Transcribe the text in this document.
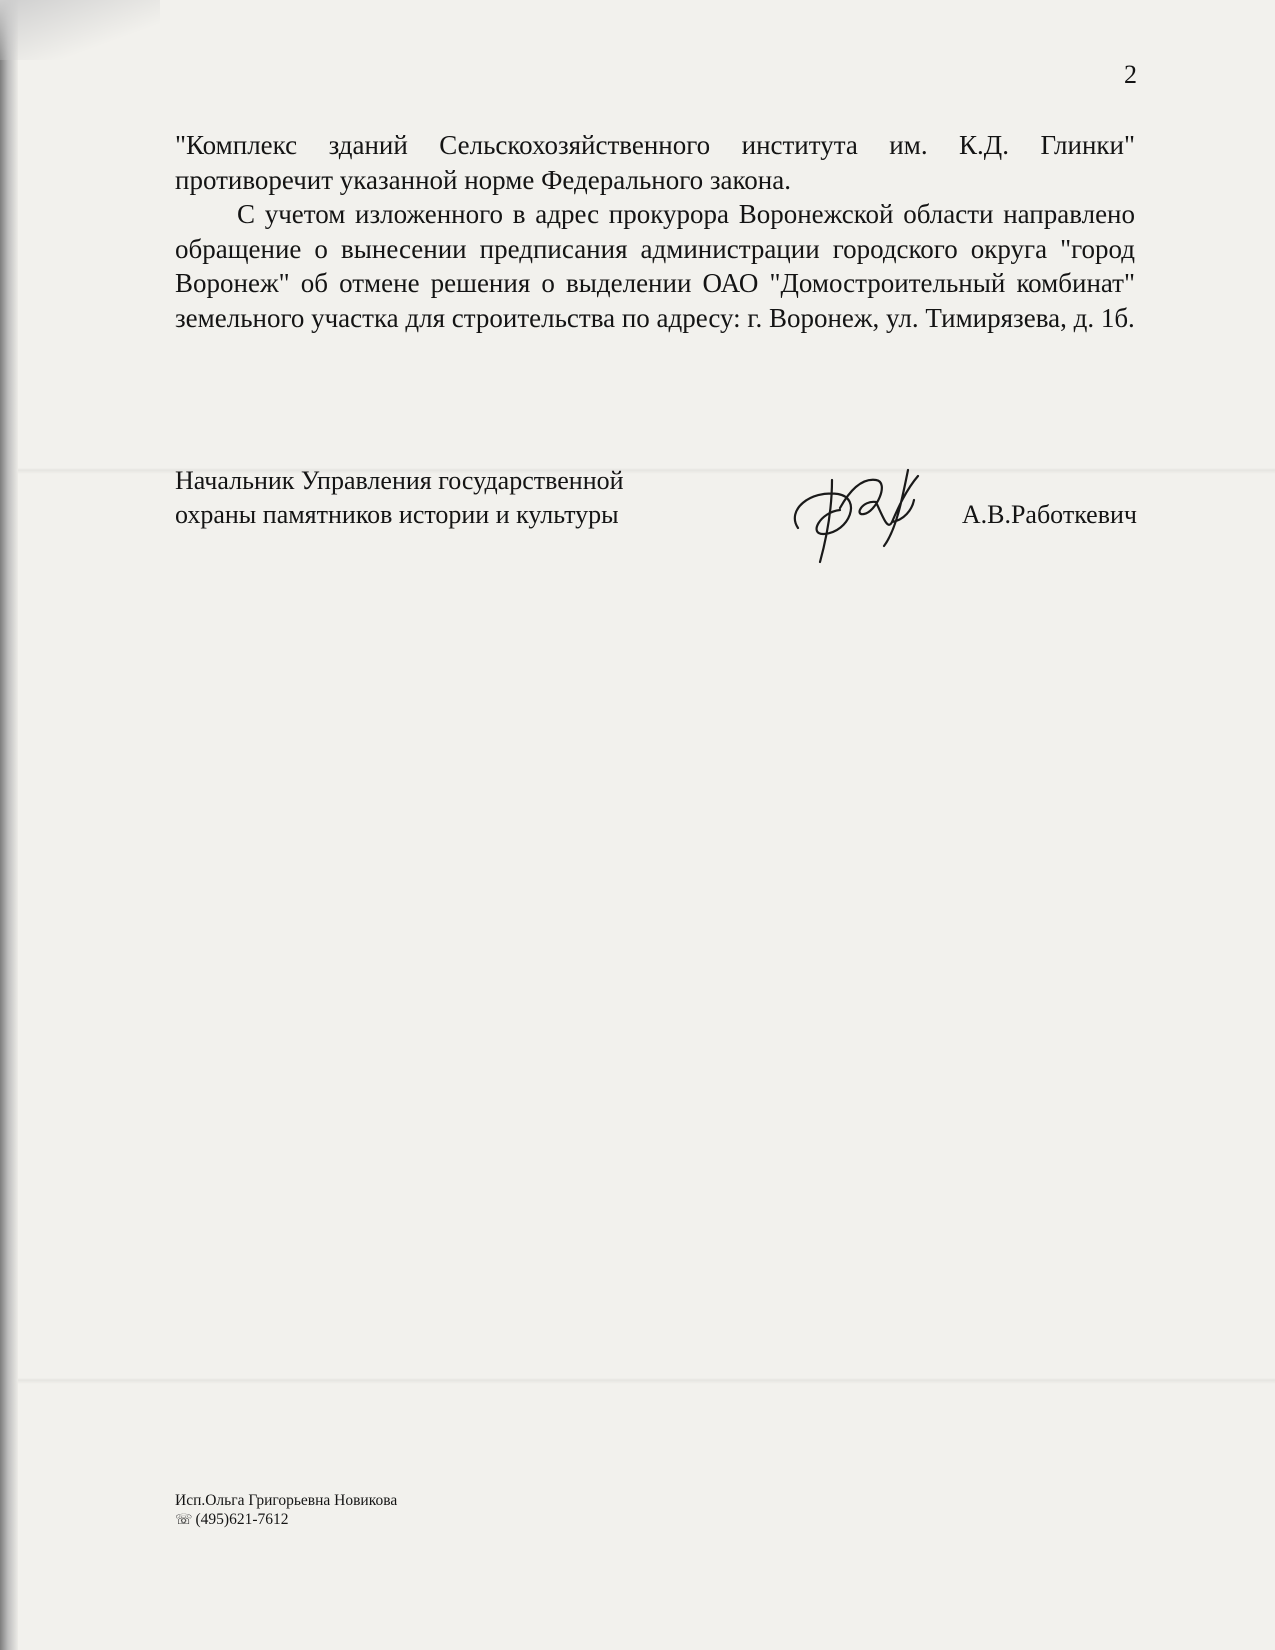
2

"Комплекс зданий Сельскохозяйственного института им. К.Д. Глинки" противоречит указанной норме Федерального закона.

С учетом изложенного в адрес прокурора Воронежской области направлено обращение о вынесении предписания администрации городского округа "город Воронеж" об отмене решения о выделении ОАО "Домостроительный комбинат" земельного участка для строительства по адресу: г. Воронеж, ул. Тимирязева, д. 1б.

Начальник Управления государственной
охраны памятников истории и культуры	А.В.Работкевич
Исп.Ольга Григорьевна Новикова
☏ (495)621-7612
